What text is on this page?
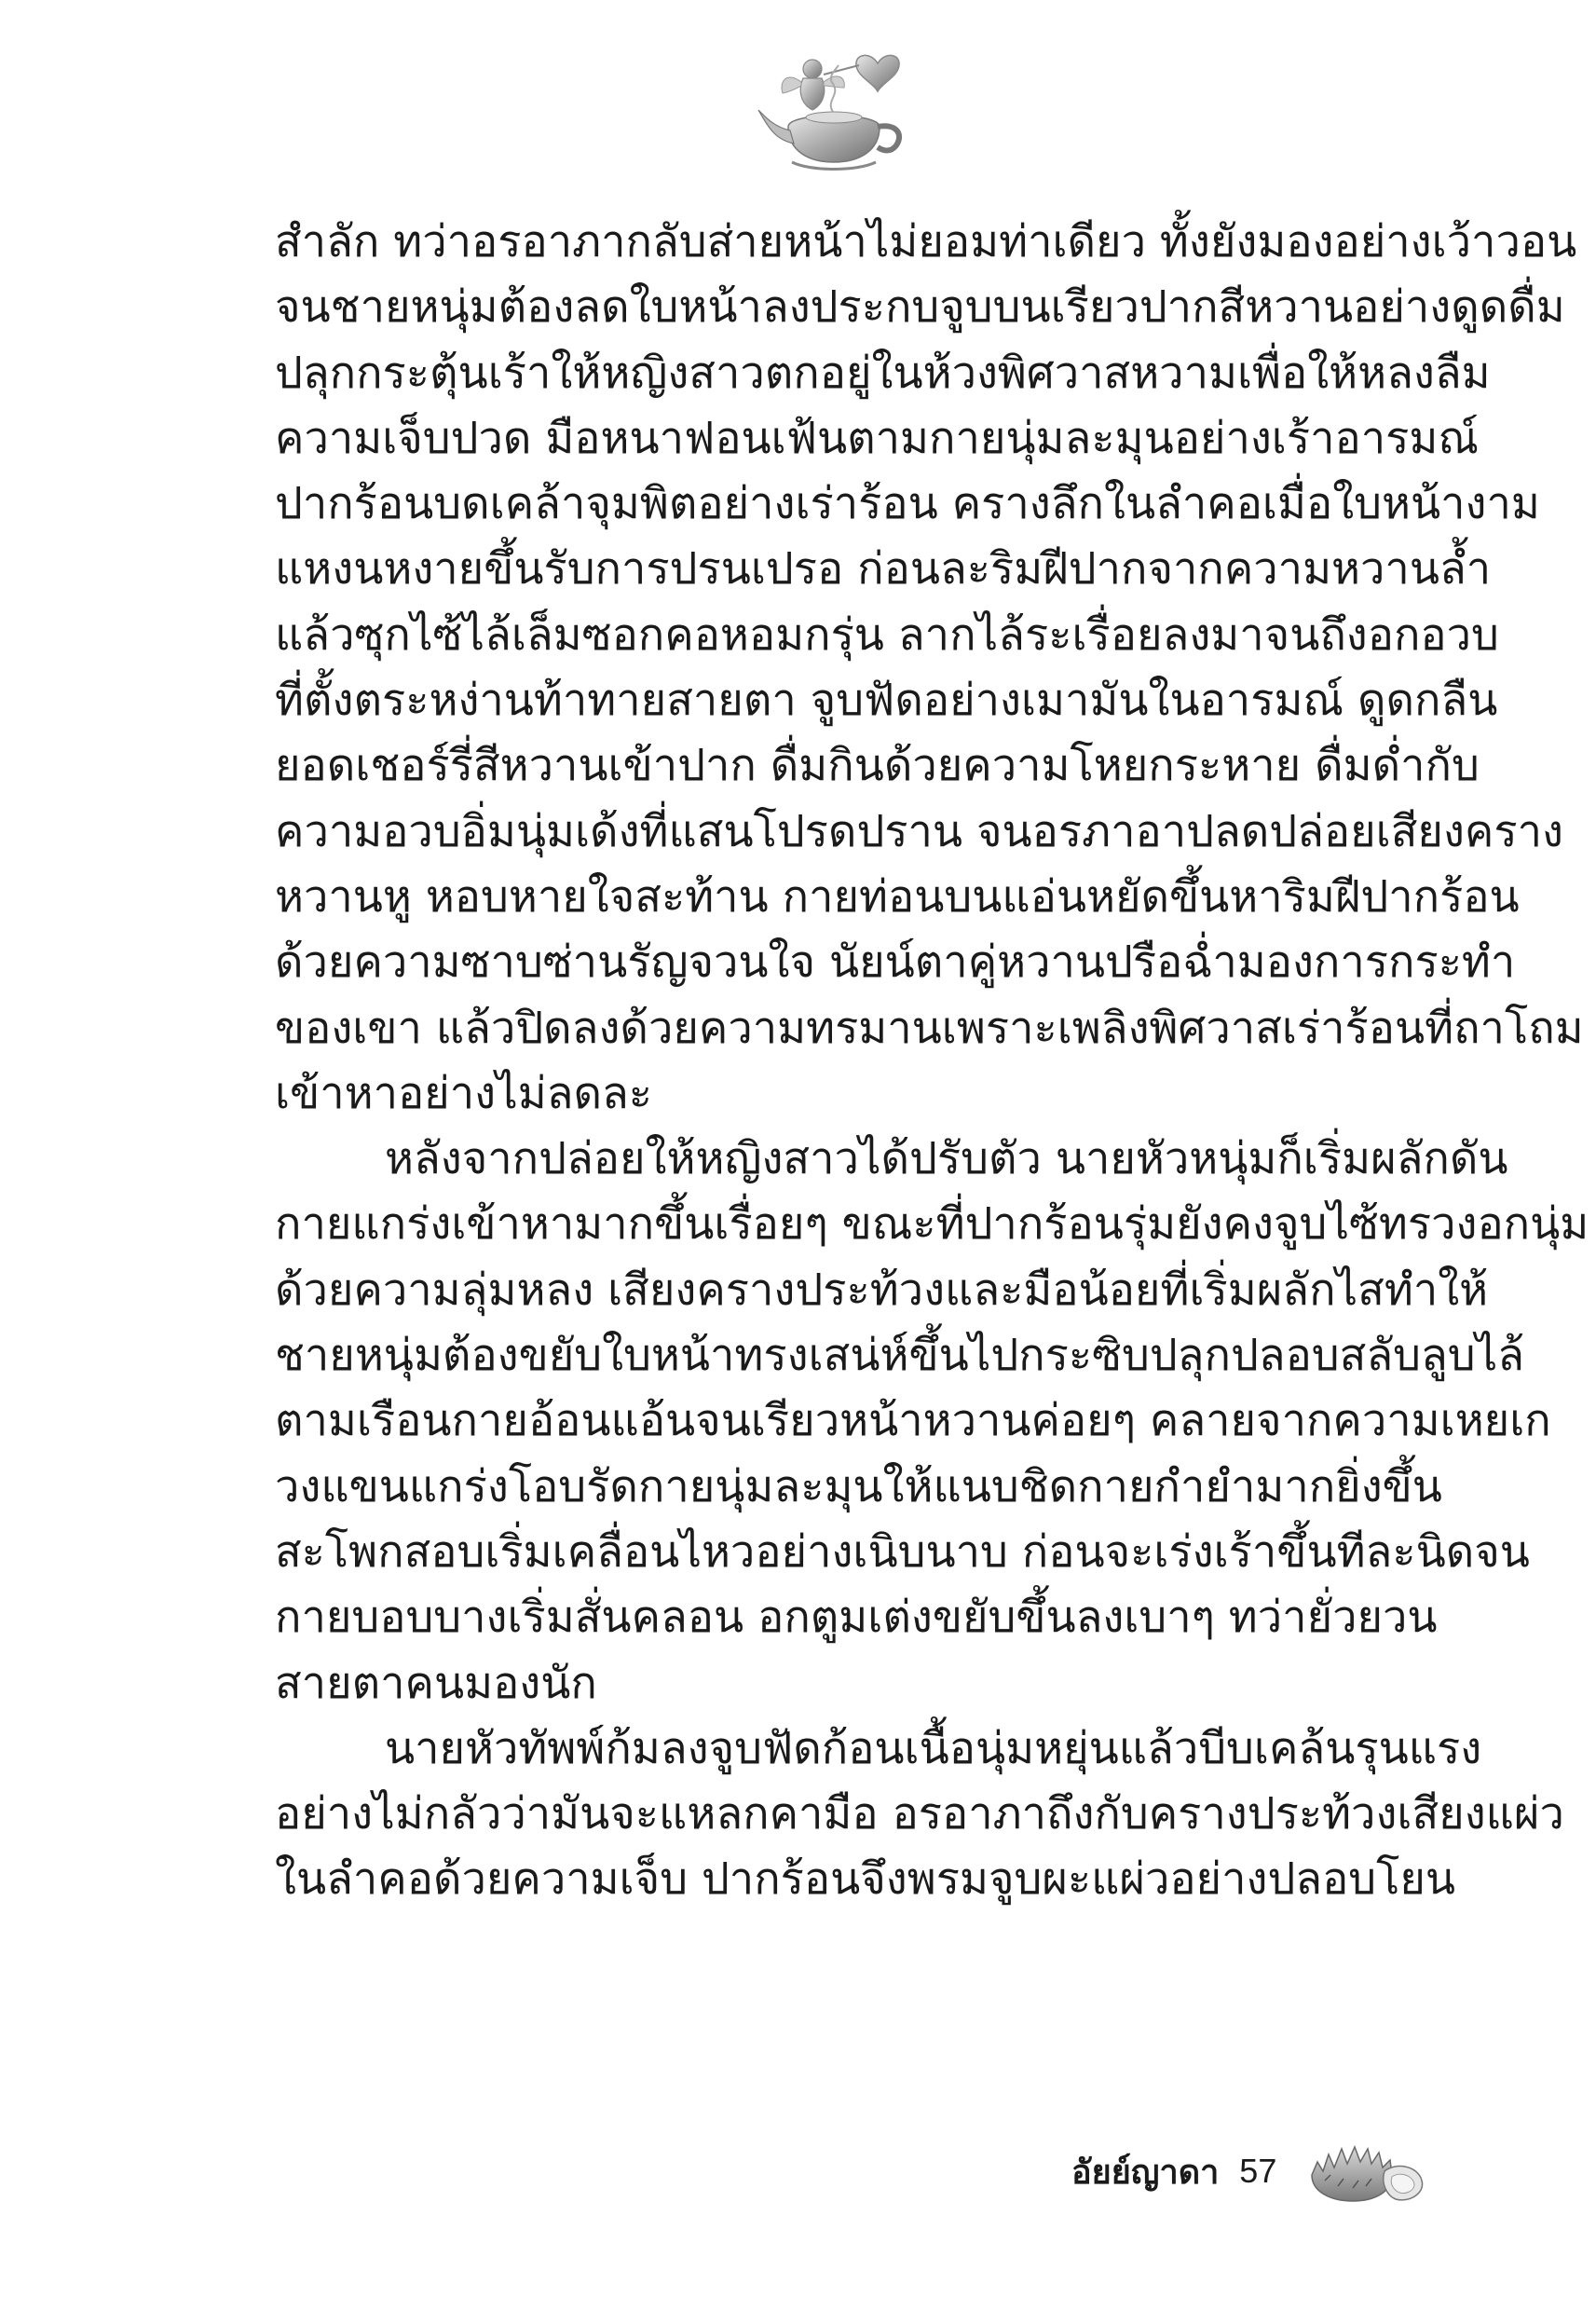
สำลัก ทว่าอรอาภากลับส่ายหน้าไม่ยอมท่าเดียว ทั้งยังมองอย่างเว้าวอน
จนชายหนุ่มต้องลดใบหน้าลงประกบจูบบนเรียวปากสีหวานอย่างดูดดื่ม
ปลุกกระตุ้นเร้าให้หญิงสาวตกอยู่ในห้วงพิศวาสหวามเพื่อให้หลงลืม
ความเจ็บปวด มือหนาฟอนเฟ้นตามกายนุ่มละมุนอย่างเร้าอารมณ์
ปากร้อนบดเคล้าจุมพิตอย่างเร่าร้อน ครางลึกในลำคอเมื่อใบหน้างาม
แหงนหงายขึ้นรับการปรนเปรอ ก่อนละริมฝีปากจากความหวานล้ำ
แล้วซุกไซ้ไล้เล็มซอกคอหอมกรุ่น ลากไล้ระเรื่อยลงมาจนถึงอกอวบ
ที่ตั้งตระหง่านท้าทายสายตา จูบฟัดอย่างเมามันในอารมณ์ ดูดกลืน
ยอดเชอร์รี่สีหวานเข้าปาก ดื่มกินด้วยความโหยกระหาย ดื่มด่ำกับ
ความอวบอิ่มนุ่มเด้งที่แสนโปรดปราน จนอรภาอาปลดปล่อยเสียงคราง
หวานหู หอบหายใจสะท้าน กายท่อนบนแอ่นหยัดขึ้นหาริมฝีปากร้อน
ด้วยความซาบซ่านรัญจวนใจ นัยน์ตาคู่หวานปรือฉ่ำมองการกระทำ
ของเขา แล้วปิดลงด้วยความทรมานเพราะเพลิงพิศวาสเร่าร้อนที่ถาโถม
เข้าหาอย่างไม่ลดละ
หลังจากปล่อยให้หญิงสาวได้ปรับตัว นายหัวหนุ่มก็เริ่มผลักดัน
กายแกร่งเข้าหามากขึ้นเรื่อยๆ ขณะที่ปากร้อนรุ่มยังคงจูบไซ้ทรวงอกนุ่ม
ด้วยความลุ่มหลง เสียงครางประท้วงและมือน้อยที่เริ่มผลักไสทำให้
ชายหนุ่มต้องขยับใบหน้าทรงเสน่ห์ขึ้นไปกระซิบปลุกปลอบสลับลูบไล้
ตามเรือนกายอ้อนแอ้นจนเรียวหน้าหวานค่อยๆ คลายจากความเหยเก
วงแขนแกร่งโอบรัดกายนุ่มละมุนให้แนบชิดกายกำยำมากยิ่งขึ้น
สะโพกสอบเริ่มเคลื่อนไหวอย่างเนิบนาบ ก่อนจะเร่งเร้าขึ้นทีละนิดจน
กายบอบบางเริ่มสั่นคลอน อกตูมเต่งขยับขึ้นลงเบาๆ ทว่ายั่วยวน
สายตาคนมองนัก
นายหัวทัพพ์ก้มลงจูบฟัดก้อนเนื้อนุ่มหยุ่นแล้วบีบเคล้นรุนแรง
อย่างไม่กลัวว่ามันจะแหลกคามือ อรอาภาถึงกับครางประท้วงเสียงแผ่ว
ในลำคอด้วยความเจ็บ ปากร้อนจึงพรมจูบผะแผ่วอย่างปลอบโยน
อัยย์ญาดา 57
